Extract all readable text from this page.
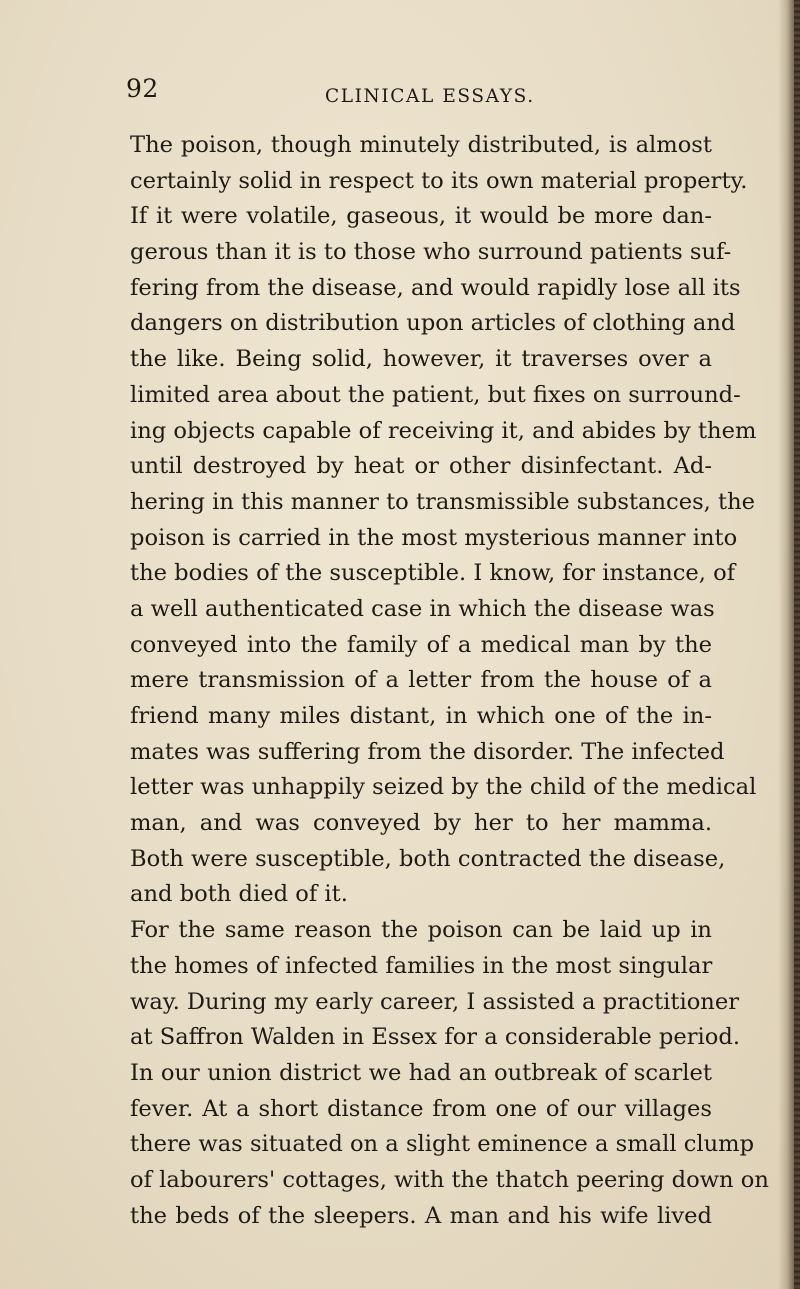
92	CLINICAL ESSAYS.
The poison, though minutely distributed, is almost
certainly solid in respect to its own material property.
If it were volatile, gaseous, it would be more dan-
gerous than it is to those who surround patients suf-
fering from the disease, and would rapidly lose all its
dangers on distribution upon articles of clothing and
the like. Being solid, however, it traverses over a
limited area about the patient, but fixes on surround-
ing objects capable of receiving it, and abides by them
until destroyed by heat or other disinfectant. Ad-
hering in this manner to transmissible substances, the
poison is carried in the most mysterious manner into
the bodies of the susceptible. I know, for instance, of
a well authenticated case in which the disease was
conveyed into the family of a medical man by the
mere transmission of a letter from the house of a
friend many miles distant, in which one of the in-
mates was suffering from the disorder. The infected
letter was unhappily seized by the child of the medical
man, and was conveyed by her to her mamma.
Both were susceptible, both contracted the disease,
and both died of it.
For the same reason the poison can be laid up in
the homes of infected families in the most singular
way. During my early career, I assisted a practitioner
at Saffron Walden in Essex for a considerable period.
In our union district we had an outbreak of scarlet
fever. At a short distance from one of our villages
there was situated on a slight eminence a small clump
of labourers' cottages, with the thatch peering down on
the beds of the sleepers. A man and his wife lived
